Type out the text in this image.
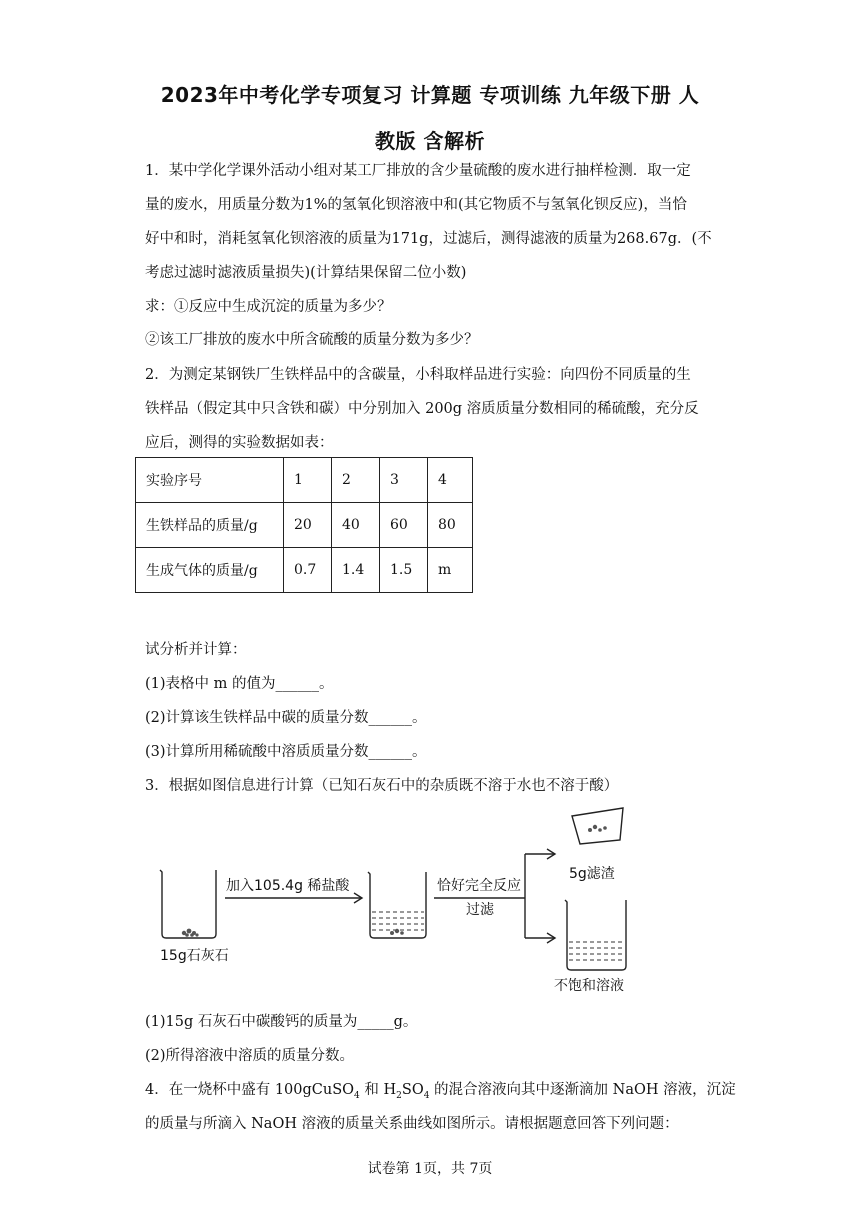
2023年中考化学专项复习 计算题 专项训练 九年级下册 人
教版 含解析
1．某中学化学课外活动小组对某工厂排放的含少量硫酸的废水进行抽样检测．取一定
量的废水，用质量分数为1%的氢氧化钡溶液中和(其它物质不与氢氧化钡反应)，当恰
好中和时，消耗氢氧化钡溶液的质量为171g，过滤后，测得滤液的质量为268.67g．(不
考虑过滤时滤液质量损失)(计算结果保留二位小数)
求：①反应中生成沉淀的质量为多少？
②该工厂排放的废水中所含硫酸的质量分数为多少？
2．为测定某钢铁厂生铁样品中的含碳量，小科取样品进行实验：向四份不同质量的生
铁样品（假定其中只含铁和碳）中分别加入 200g 溶质质量分数相同的稀硫酸，充分反
应后，测得的实验数据如表：
实验序号	1	2	3	4
生铁样品的质量/g	20	40	60	80
生成气体的质量/g	0.7	1.4	1.5	m
试分析并计算：
(1)表格中 m 的值为______。
(2)计算该生铁样品中碳的质量分数______。
(3)计算所用稀硫酸中溶质质量分数______。
3．根据如图信息进行计算（已知石灰石中的杂质既不溶于水也不溶于酸）
加入105.4g 稀盐酸	恰好完全反应
过滤
5g滤渣
15g石灰石
不饱和溶液
(1)15g 石灰石中碳酸钙的质量为_____g。
(2)所得溶液中溶质的质量分数。
4．在一烧杯中盛有 100gCuSO$_4$ 和 $H_2SO_4$ 的混合溶液向其中逐渐滴加 NaOH 溶液，沉淀
的质量与所滴入 NaOH 溶液的质量关系曲线如图所示。请根据题意回答下列问题：
试卷第 1页，共 7页
